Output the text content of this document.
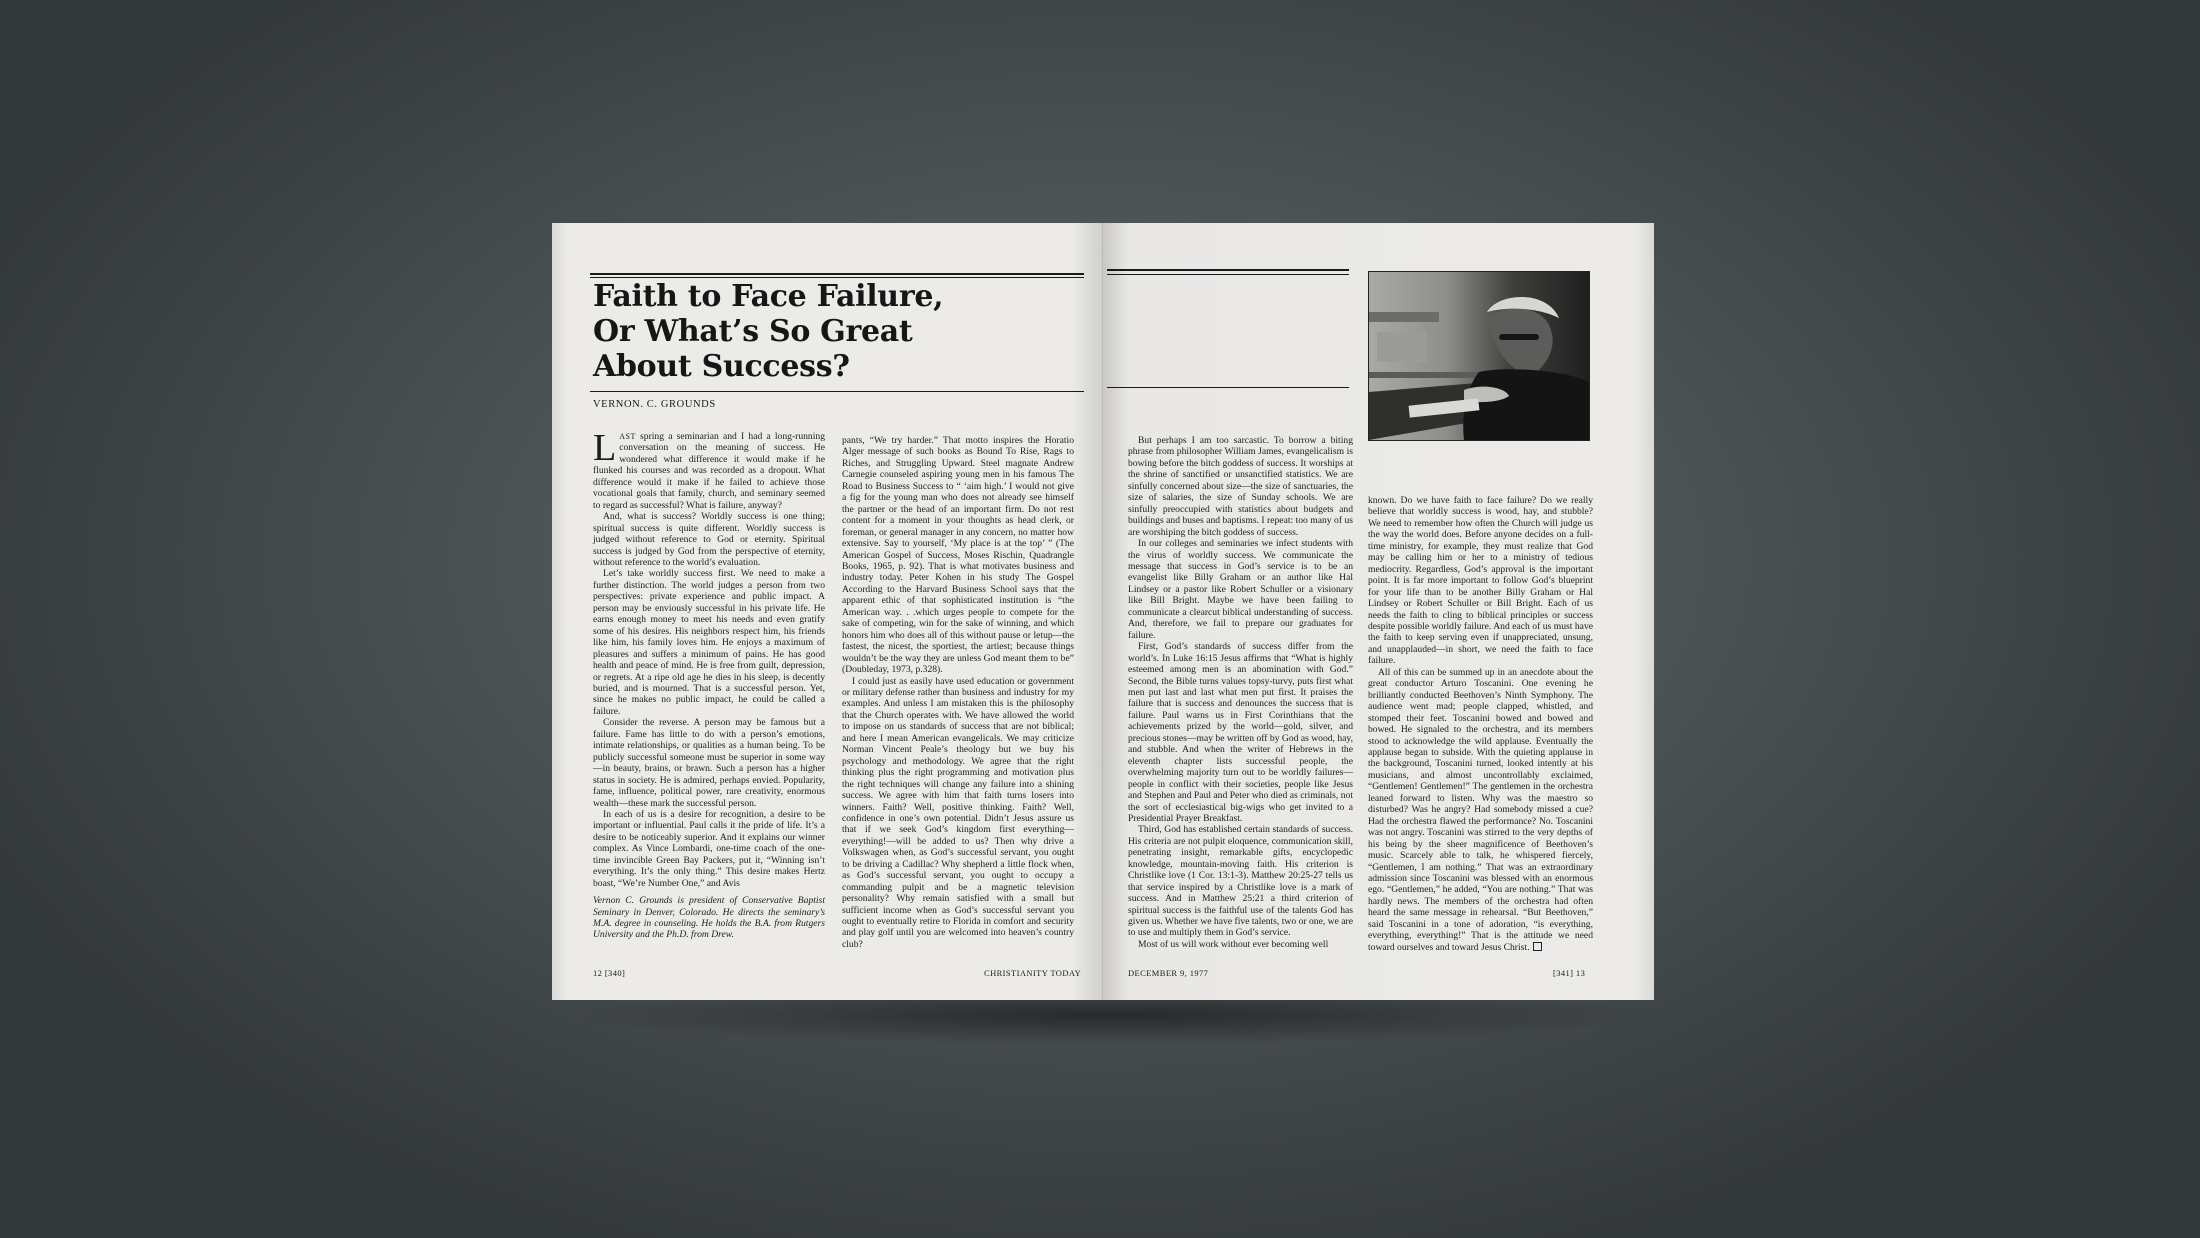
Faith to Face Failure,
Or What’s So Great
About Success?
VERNON. C. GROUNDS

LAST spring a seminarian and I had a long-running conversation on the meaning of success. He wondered what difference it would make if he flunked his courses and was recorded as a dropout. What difference would it make if he failed to achieve those vocational goals that family, church, and seminary seemed to regard as successful? What is failure, anyway?

And, what is success? Worldly success is one thing; spiritual success is quite different. Worldly success is judged without reference to God or eternity. Spiritual success is judged by God from the perspective of eternity, without reference to the world’s evaluation.

Let’s take worldly success first. We need to make a further distinction. The world judges a person from two perspectives: private experience and public impact. A person may be enviously successful in his private life. He earns enough money to meet his needs and even gratify some of his desires. His neighbors respect him, his friends like him, his family loves him. He enjoys a maximum of pleasures and suffers a minimum of pains. He has good health and peace of mind. He is free from guilt, depression, or regrets. At a ripe old age he dies in his sleep, is decently buried, and is mourned. That is a successful person. Yet, since he makes no public impact, he could be called a failure.

Consider the reverse. A person may be famous but a failure. Fame has little to do with a person’s emotions, intimate relationships, or qualities as a human being. To be publicly successful someone must be superior in some way—in beauty, brains, or brawn. Such a person has a higher status in society. He is admired, perhaps envied. Popularity, fame, influence, political power, rare creativity, enormous wealth—these mark the successful person.

In each of us is a desire for recognition, a desire to be important or influential. Paul calls it the pride of life. It’s a desire to be noticeably superior. And it explains our winner complex. As Vince Lombardi, one-time coach of the one-time invincible Green Bay Packers, put it, “Winning isn’t everything. It’s the only thing.” This desire makes Hertz boast, “We’re Number One,” and Avis

Vernon C. Grounds is president of Conservative Baptist Seminary in Denver, Colorado. He directs the seminary’s M.A. degree in counseling. He holds the B.A. from Rutgers University and the Ph.D. from Drew.

pants, “We try harder.” That motto inspires the Horatio Alger message of such books as Bound To Rise, Rags to Riches, and Struggling Upward. Steel magnate Andrew Carnegie counseled aspiring young men in his famous The Road to Business Success to “ ‘aim high.’ I would not give a fig for the young man who does not already see himself the partner or the head of an important firm. Do not rest content for a moment in your thoughts as head clerk, or foreman, or general manager in any concern, no matter how extensive. Say to yourself, ‘My place is at the top’ ” (The American Gospel of Success, Moses Rischin, Quadrangle Books, 1965, p. 92). That is what motivates business and industry today. Peter Kohen in his study The Gospel According to the Harvard Business School says that the apparent ethic of that sophisticated institution is “the American way. . .which urges people to compete for the sake of competing, win for the sake of winning, and which honors him who does all of this without pause or letup—the fastest, the nicest, the sportiest, the artiest; because things wouldn’t be the way they are unless God meant them to be” (Doubleday, 1973, p.328).

I could just as easily have used education or government or military defense rather than business and industry for my examples. And unless I am mistaken this is the philosophy that the Church operates with. We have allowed the world to impose on us standards of success that are not biblical; and here I mean American evangelicals. We may criticize Norman Vincent Peale’s theology but we buy his psychology and methodology. We agree that the right thinking plus the right programming and motivation plus the right techniques will change any failure into a shining success. We agree with him that faith turns losers into winners. Faith? Well, positive thinking. Faith? Well, confidence in one’s own potential. Didn’t Jesus assure us that if we seek God’s kingdom first everything—everything!—will be added to us? Then why drive a Volkswagen when, as God’s successful servant, you ought to be driving a Cadillac? Why shepherd a little flock when, as God’s successful servant, you ought to occupy a commanding pulpit and be a magnetic television personality? Why remain satisfied with a small but sufficient income when as God’s successful servant you ought to eventually retire to Florida in comfort and security and play golf until you are welcomed into heaven’s country club?

12 [340]	CHRISTIANITY TODAY

But perhaps I am too sarcastic. To borrow a biting phrase from philosopher William James, evangelicalism is bowing before the bitch goddess of success. It worships at the shrine of sanctified or unsanctified statistics. We are sinfully concerned about size—the size of sanctuaries, the size of salaries, the size of Sunday schools. We are sinfully preoccupied with statistics about budgets and buildings and buses and baptisms. I repeat: too many of us are worshiping the bitch goddess of success.

In our colleges and seminaries we infect students with the virus of worldly success. We communicate the message that success in God’s service is to be an evangelist like Billy Graham or an author like Hal Lindsey or a pastor like Robert Schuller or a visionary like Bill Bright. Maybe we have been failing to communicate a clearcut biblical understanding of success. And, therefore, we fail to prepare our graduates for failure.

First, God’s standards of success differ from the world’s. In Luke 16:15 Jesus affirms that “What is highly esteemed among men is an abomination with God.” Second, the Bible turns values topsy-turvy, puts first what men put last and last what men put first. It praises the failure that is success and denounces the success that is failure. Paul warns us in First Corinthians that the achievements prized by the world—gold, silver, and precious stones—may be written off by God as wood, hay, and stubble. And when the writer of Hebrews in the eleventh chapter lists successful people, the overwhelming majority turn out to be worldly failures—people in conflict with their societies, people like Jesus and Stephen and Paul and Peter who died as criminals, not the sort of ecclesiastical big-wigs who get invited to a Presidential Prayer Breakfast.

Third, God has established certain standards of success. His criteria are not pulpit eloquence, communication skill, penetrating insight, remarkable gifts, encyclopedic knowledge, mountain-moving faith. His criterion is Christlike love (1 Cor. 13:1-3). Matthew 20:25-27 tells us that service inspired by a Christlike love is a mark of success. And in Matthew 25:21 a third criterion of spiritual success is the faithful use of the talents God has given us. Whether we have five talents, two or one, we are to use and multiply them in God’s service.

Most of us will work without ever becoming well

known. Do we have faith to face failure? Do we really believe that worldly success is wood, hay, and stubble? We need to remember how often the Church will judge us the way the world does. Before anyone decides on a full-time ministry, for example, they must realize that God may be calling him or her to a ministry of tedious mediocrity. Regardless, God’s approval is the important point. It is far more important to follow God’s blueprint for your life than to be another Billy Graham or Hal Lindsey or Robert Schuller or Bill Bright. Each of us needs the faith to cling to biblical principles or success despite possible worldly failure. And each of us must have the faith to keep serving even if unappreciated, unsung, and unapplauded—in short, we need the faith to face failure.

All of this can be summed up in an anecdote about the great conductor Arturo Toscanini. One evening he brilliantly conducted Beethoven’s Ninth Symphony. The audience went mad; people clapped, whistled, and stomped their feet. Toscanini bowed and bowed and bowed. He signaled to the orchestra, and its members stood to acknowledge the wild applause. Eventually the applause began to subside. With the quieting applause in the background, Toscanini turned, looked intently at his musicians, and almost uncontrollably exclaimed, “Gentlemen! Gentlemen!” The gentlemen in the orchestra leaned forward to listen. Why was the maestro so disturbed? Was he angry? Had somebody missed a cue? Had the orchestra flawed the performance? No. Toscanini was not angry. Toscanini was stirred to the very depths of his being by the sheer magnificence of Beethoven’s music. Scarcely able to talk, he whispered fiercely, “Gentlemen, I am nothing.” That was an extraordinary admission since Toscanini was blessed with an enormous ego. “Gentlemen,” he added, “You are nothing.” That was hardly news. The members of the orchestra had often heard the same message in rehearsal. “But Beethoven,” said Toscanini in a tone of adoration, “is everything, everything, everything!” That is the attitude we need toward ourselves and toward Jesus Christ.

DECEMBER 9, 1977	[341] 13
